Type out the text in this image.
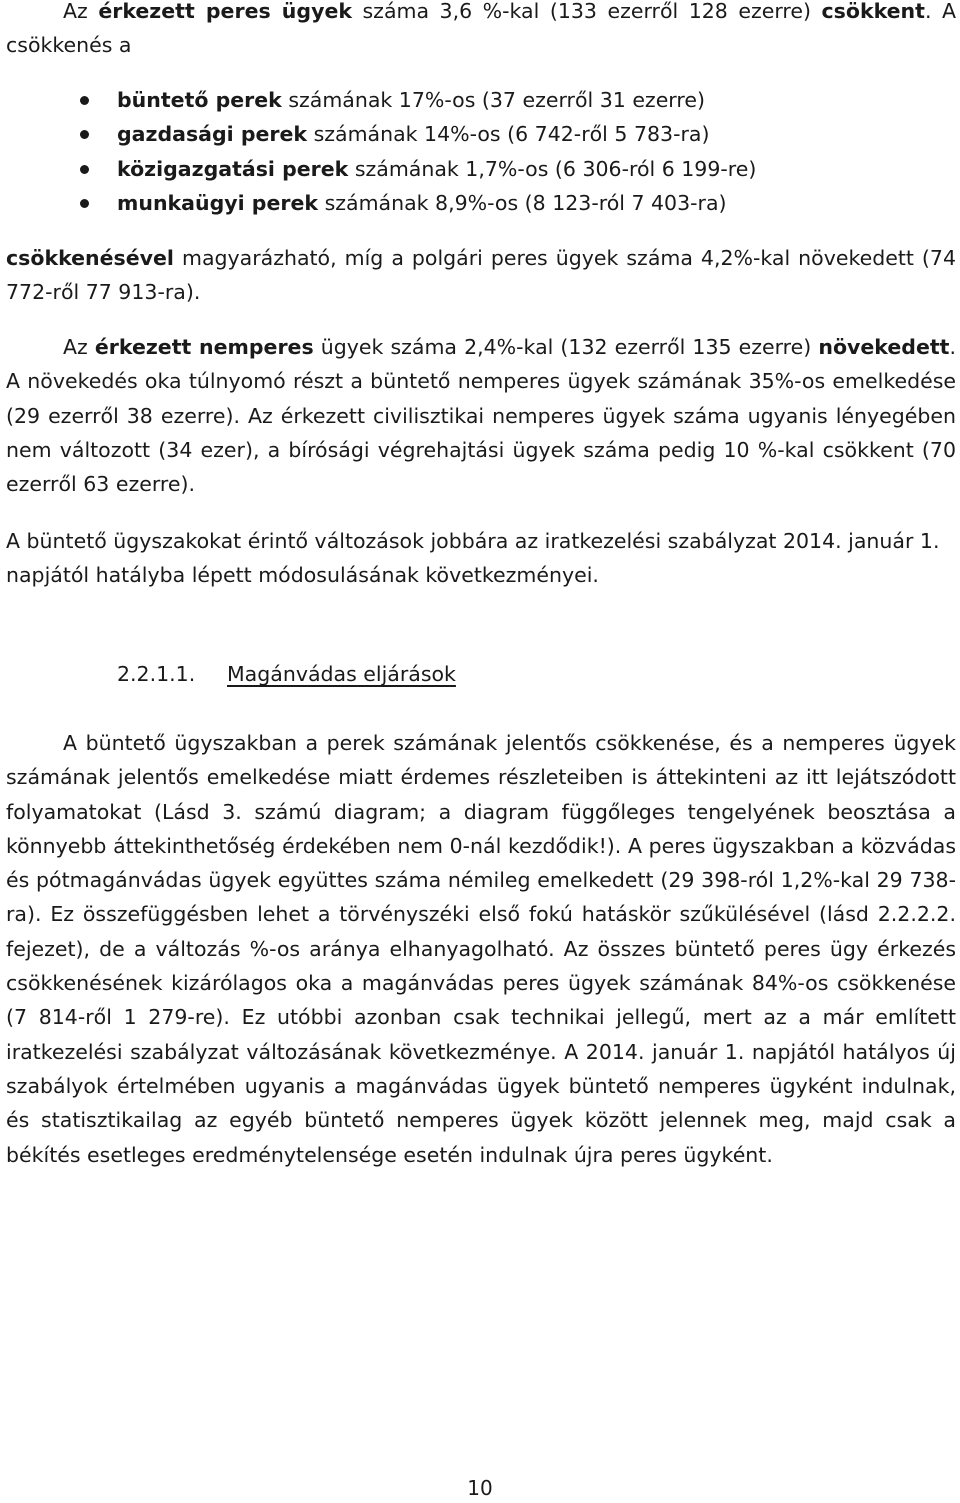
Az érkezett peres ügyek száma 3,6 %-kal (133 ezerről 128 ezerre) csökkent. A csökkenés a

büntető perek számának 17%-os (37 ezerről 31 ezerre)
gazdasági perek számának 14%-os (6 742-ről 5 783-ra)
közigazgatási perek számának 1,7%-os (6 306-ról 6 199-re)
munkaügyi perek számának 8,9%-os (8 123-ról 7 403-ra)

csökkenésével magyarázható, míg a polgári peres ügyek száma 4,2%-kal növekedett (74 772-ről 77 913-ra).

Az érkezett nemperes ügyek száma 2,4%-kal (132 ezerről 135 ezerre) növekedett. A növekedés oka túlnyomó részt a büntető nemperes ügyek számának 35%-os emelkedése (29 ezerről 38 ezerre). Az érkezett civilisztikai nemperes ügyek száma ugyanis lényegében nem változott (34 ezer), a bírósági végrehajtási ügyek száma pedig 10 %-kal csökkent (70 ezerről 63 ezerre).

A büntető ügyszakokat érintő változások jobbára az iratkezelési szabályzat 2014. január 1. napjától hatályba lépett módosulásának következményei.

2.2.1.1. Magánvádas eljárások

A büntető ügyszakban a perek számának jelentős csökkenése, és a nemperes ügyek számának jelentős emelkedése miatt érdemes részleteiben is áttekinteni az itt lejátszódott folyamatokat (Lásd 3. számú diagram; a diagram függőleges tengelyének beosztása a könnyebb áttekinthetőség érdekében nem 0-nál kezdődik!). A peres ügyszakban a közvádas és pótmagánvádas ügyek együttes száma némileg emelkedett (29 398-ról 1,2%-kal 29 738-ra). Ez összefüggésben lehet a törvényszéki első fokú hatáskör szűkülésével (lásd 2.2.2.2. fejezet), de a változás %-os aránya elhanyagolható. Az összes büntető peres ügy érkezés csökkenésének kizárólagos oka a magánvádas peres ügyek számának 84%-os csökkenése (7 814-ről 1 279-re). Ez utóbbi azonban csak technikai jellegű, mert az a már említett iratkezelési szabályzat változásának következménye. A 2014. január 1. napjától hatályos új szabályok értelmében ugyanis a magánvádas ügyek büntető nemperes ügyként indulnak, és statisztikailag az egyéb büntető nemperes ügyek között jelennek meg, majd csak a békítés esetleges eredménytelensége esetén indulnak újra peres ügyként.

10
